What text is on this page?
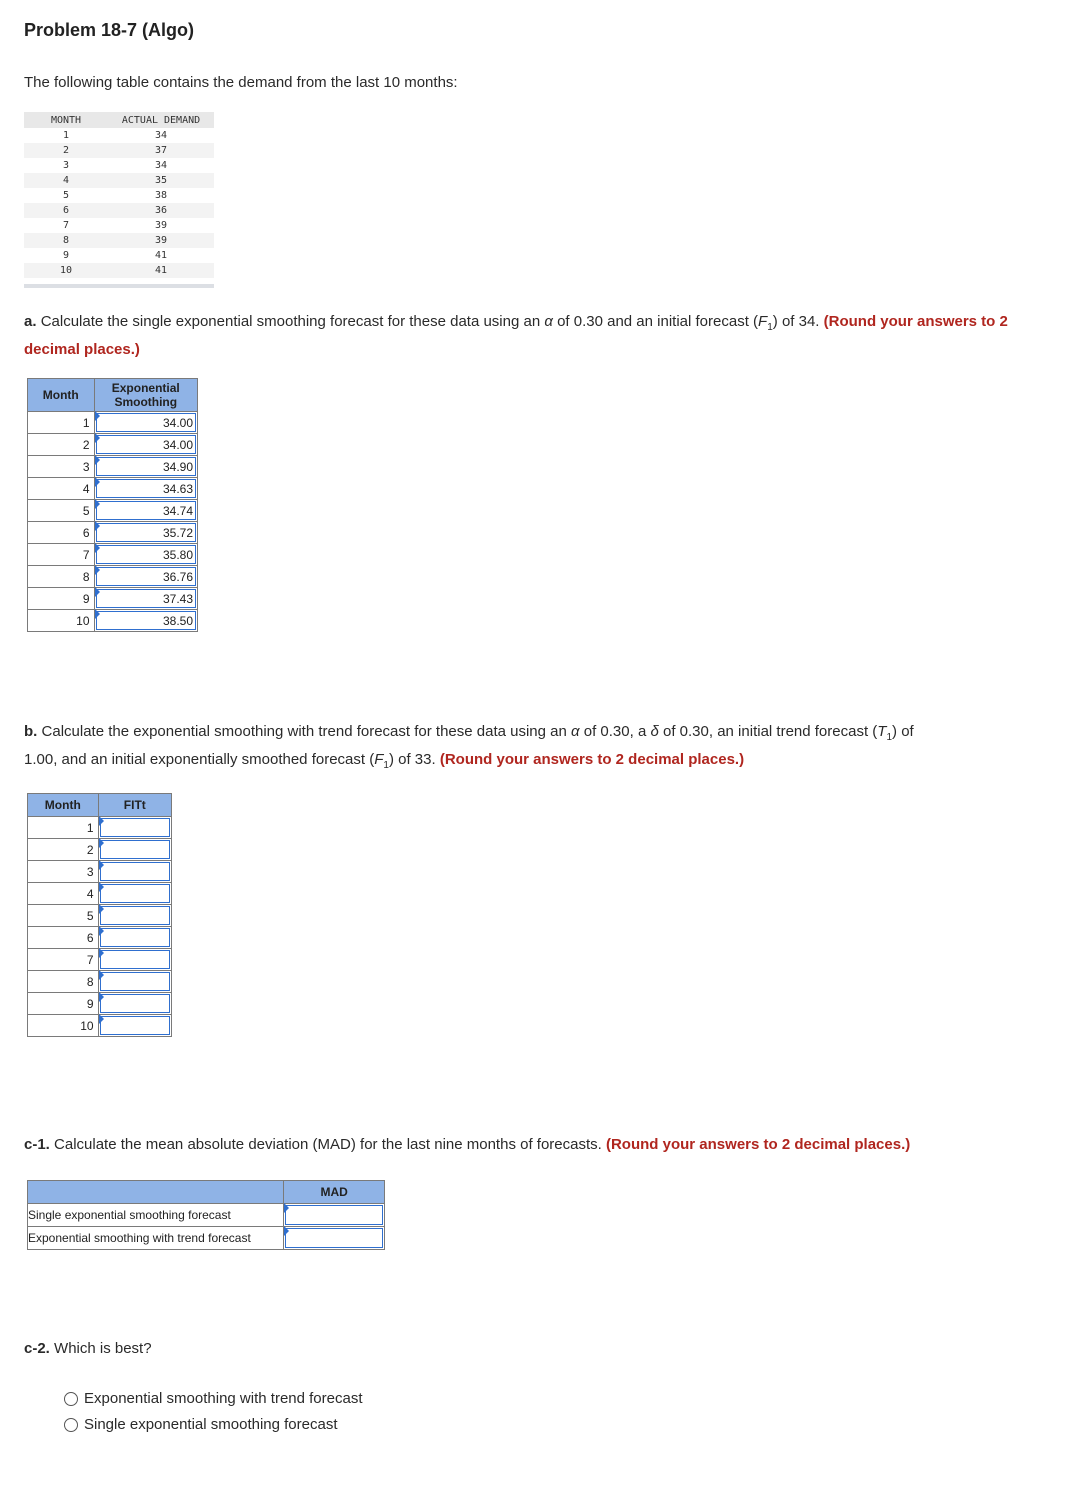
Problem 18-7 (Algo)
The following table contains the demand from the last 10 months:
MONTH	ACTUAL DEMAND
1	34
2	37
3	34
4	35
5	38
6	36
7	39
8	39
9	41
10	41
a. Calculate the single exponential smoothing forecast for these data using an α of 0.30 and an initial forecast $(F_1)$ of 34. (Round your answers to 2 decimal places.)
Month	Exponential
Smoothing

1	34.00

2	34.00

3	34.90

4	34.63

5	34.74

6	35.72

7	35.80

8	36.76

9	37.43

10	38.50
b. Calculate the exponential smoothing with trend forecast for these data using an α of 0.30, a δ of 0.30, an initial trend forecast $(T_1)$ of
1.00, and an initial exponentially smoothed forecast $(F_1)$ of 33. (Round your answers to 2 decimal places.)
Month	FITt
1	

2	

3	

4	

5	

6	

7	

8	

9	

10	
c-1. Calculate the mean absolute deviation (MAD) for the last nine months of forecasts. (Round your answers to 2 decimal places.)
	MAD
Single exponential smoothing forecast	

Exponential smoothing with trend forecast	
c-2. Which is best?
Exponential smoothing with trend forecast
Single exponential smoothing forecast
